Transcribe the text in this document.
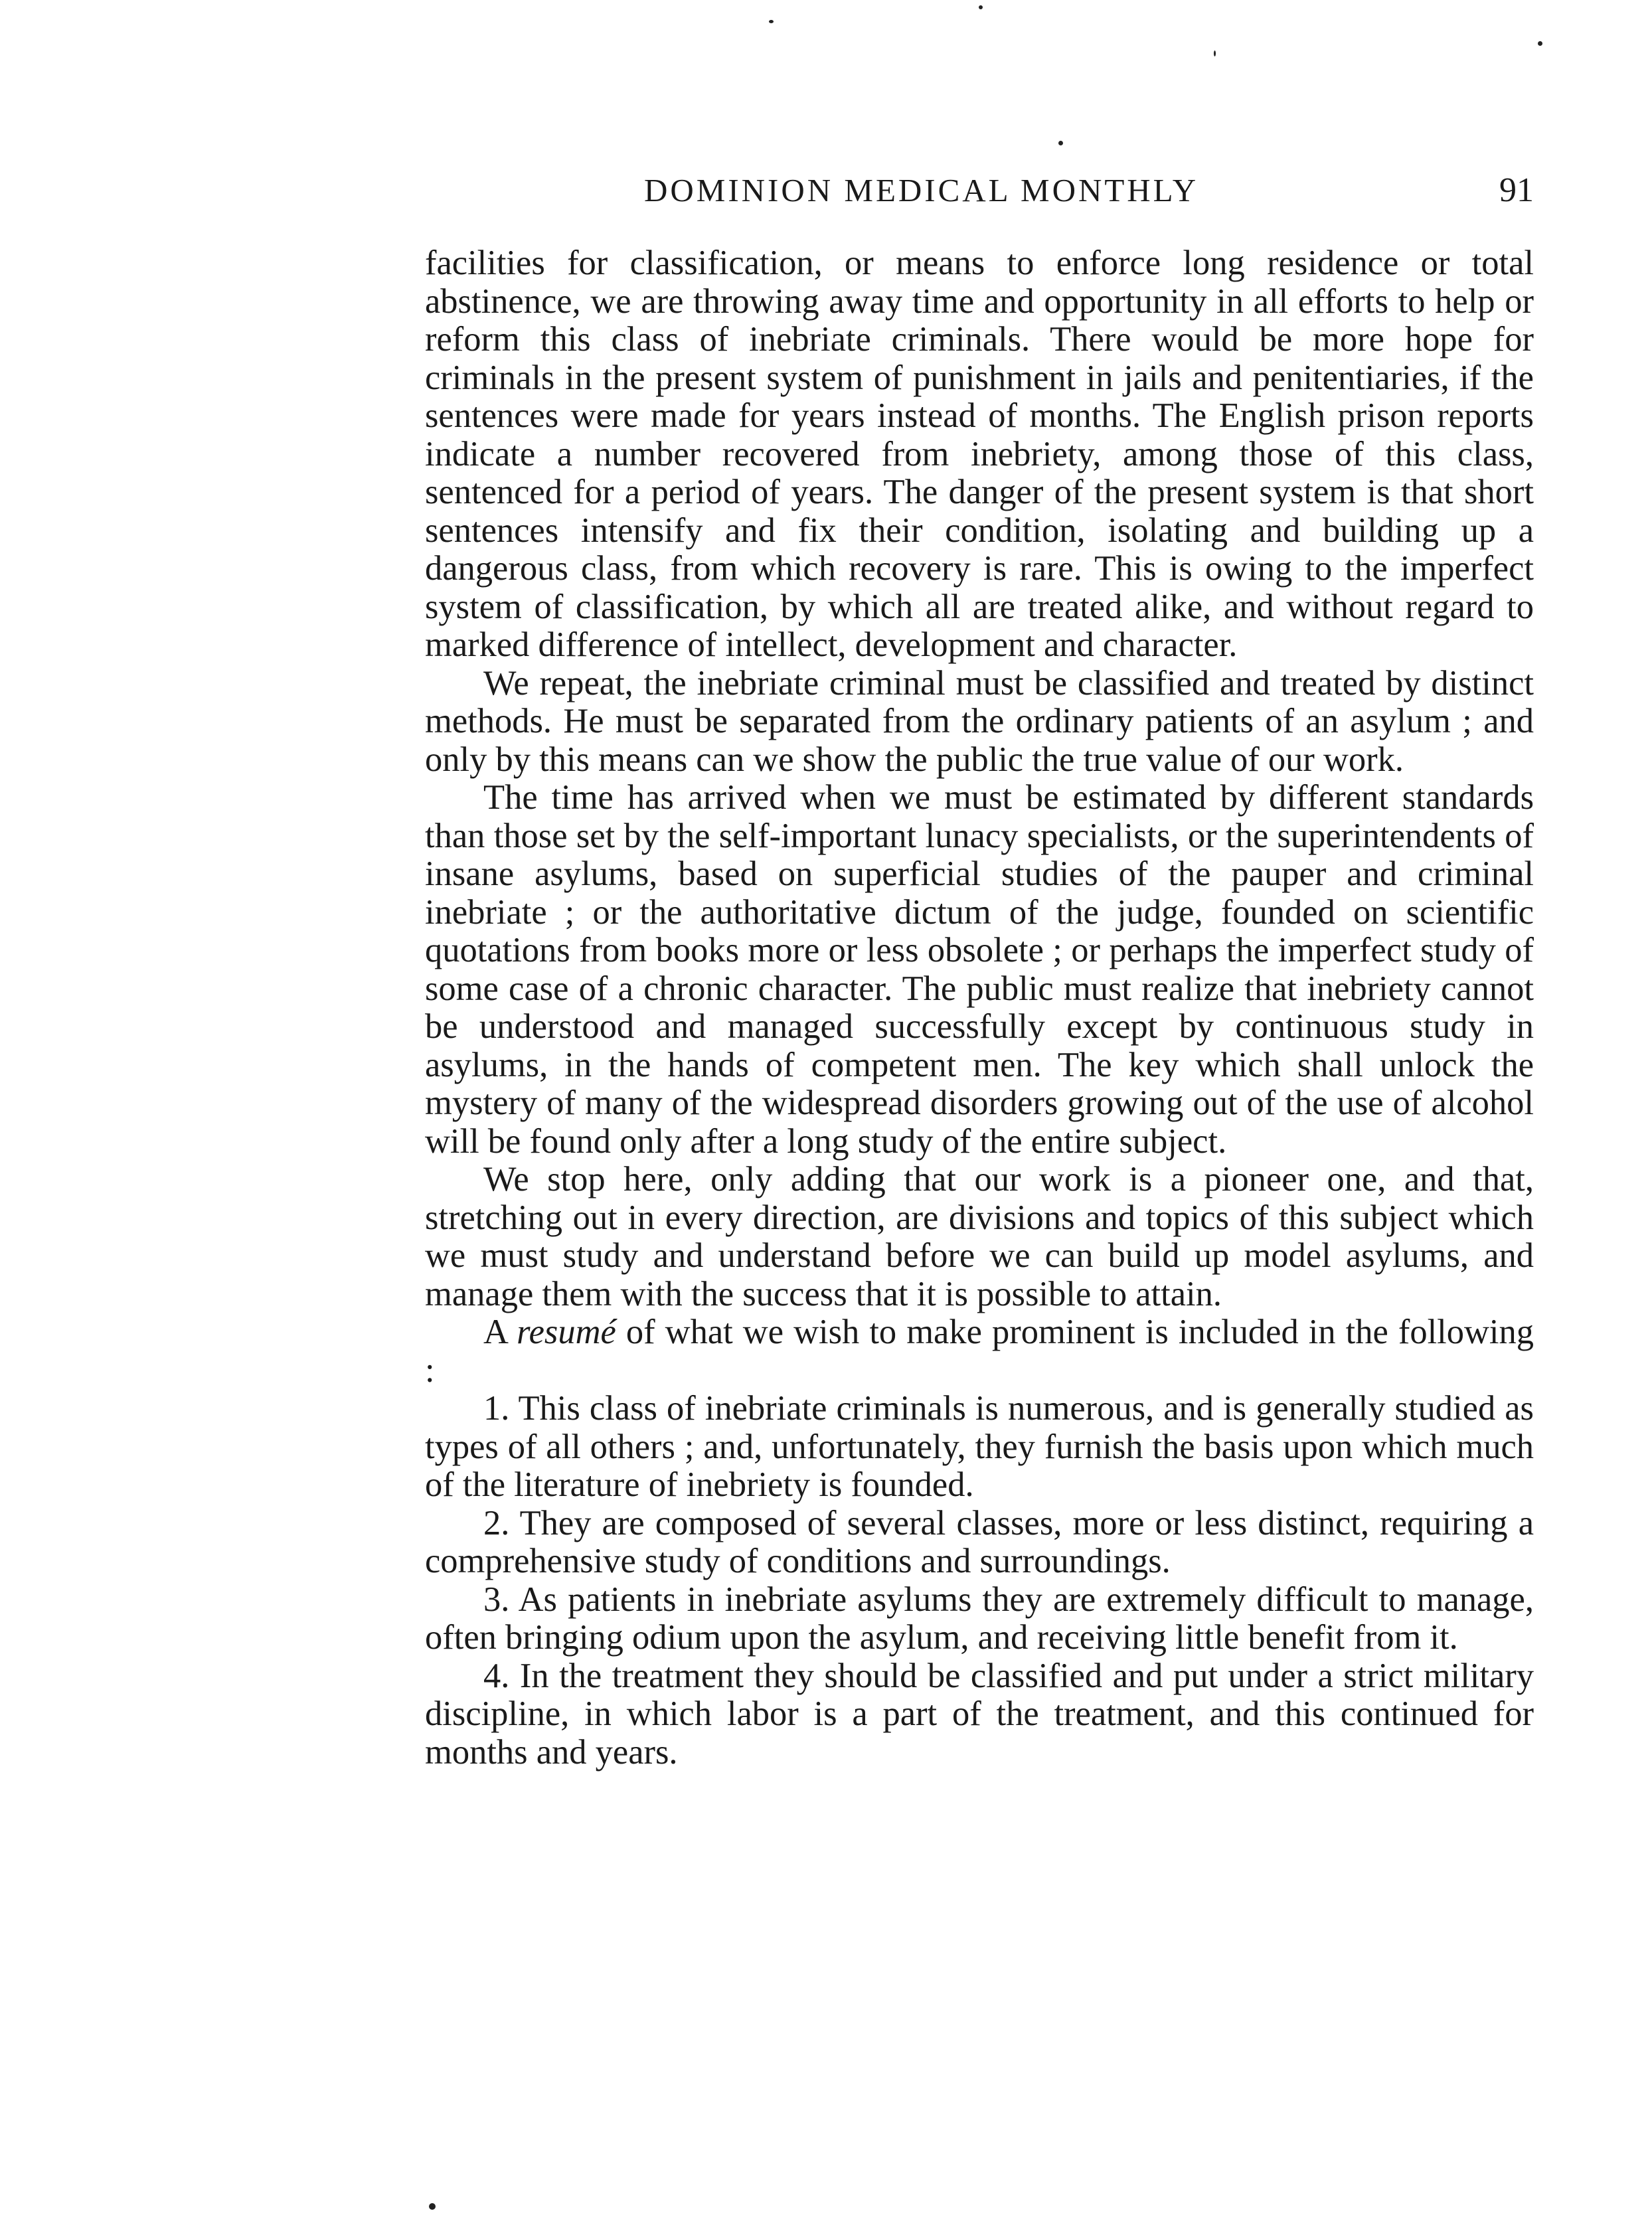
DOMINION MEDICAL MONTHLY	91

facilities for classification, or means to enforce long residence or total abstinence, we are throwing away time and opportunity in all efforts to help or reform this class of inebriate criminals. There would be more hope for criminals in the present system of punishment in jails and penitentiaries, if the sentences were made for years instead of months. The English prison reports indicate a number recovered from inebriety, among those of this class, sentenced for a period of years. The danger of the present system is that short sentences intensify and fix their condition, isolating and building up a dangerous class, from which recovery is rare. This is owing to the imperfect system of classification, by which all are treated alike, and without regard to marked difference of intellect, development and character.

We repeat, the inebriate criminal must be classified and treated by distinct methods. He must be separated from the ordinary patients of an asylum ; and only by this means can we show the public the true value of our work.

The time has arrived when we must be estimated by different standards than those set by the self-important lunacy specialists, or the superintendents of insane asylums, based on superficial studies of the pauper and criminal inebriate ; or the authoritative dictum of the judge, founded on scientific quotations from books more or less obsolete ; or perhaps the imperfect study of some case of a chronic character. The public must realize that inebriety cannot be understood and managed successfully except by continuous study in asylums, in the hands of competent men. The key which shall unlock the mystery of many of the widespread disorders growing out of the use of alcohol will be found only after a long study of the entire subject.

We stop here, only adding that our work is a pioneer one, and that, stretching out in every direction, are divisions and topics of this subject which we must study and understand before we can build up model asylums, and manage them with the success that it is possible to attain.

A resumé of what we wish to make prominent is included in the following :

1. This class of inebriate criminals is numerous, and is generally studied as types of all others ; and, unfortunately, they furnish the basis upon which much of the literature of inebriety is founded.

2. They are composed of several classes, more or less distinct, requiring a comprehensive study of conditions and surroundings.

3. As patients in inebriate asylums they are extremely difficult to manage, often bringing odium upon the asylum, and receiving little benefit from it.

4. In the treatment they should be classified and put under a strict military discipline, in which labor is a part of the treatment, and this continued for months and years.
